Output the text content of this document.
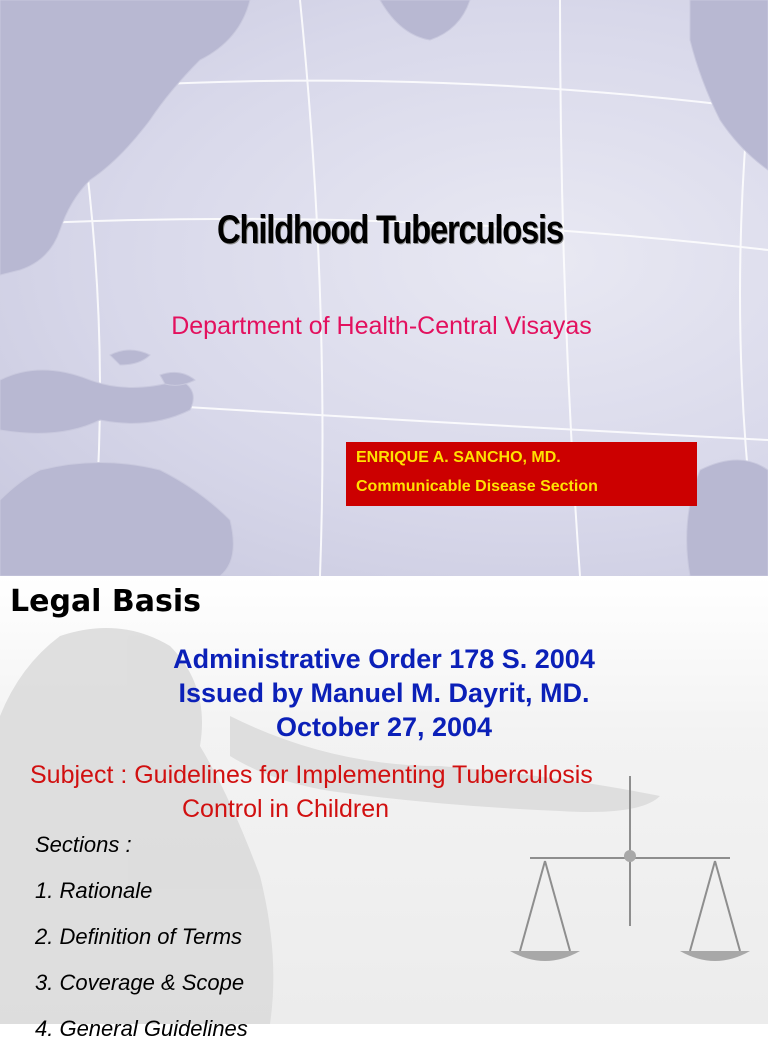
Childhood Tuberculosis
Department of Health-Central Visayas
ENRIQUE A. SANCHO, MD.
Communicable Disease Section
Legal Basis
Administrative Order 178 S. 2004
Issued by Manuel M. Dayrit, MD.
October 27, 2004
Subject : Guidelines for Implementing Tuberculosis
Control in Children
Sections :
1. Rationale
2. Definition of Terms
3. Coverage & Scope
4. General Guidelines
